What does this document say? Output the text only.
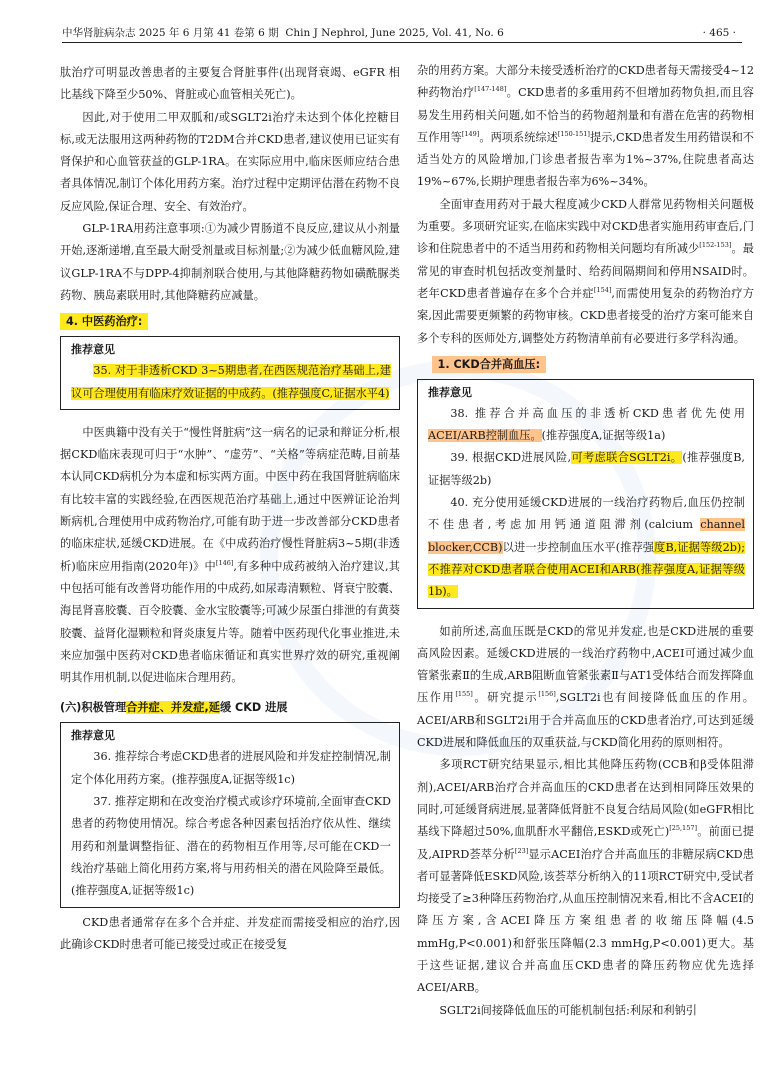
中华肾脏病杂志 2025 年 6 月第 41 卷第 6 期 Chin J Nephrol, June 2025, Vol. 41, No. 6	· 465 ·

肽治疗可明显改善患者的主要复合肾脏事件(出现肾衰竭、eGFR 相比基线下降至少50%、肾脏或心血管相关死亡)。

因此,对于使用二甲双胍和/或SGLT2i治疗未达到个体化控糖目标,或无法服用这两种药物的T2DM合并CKD患者,建议使用已证实有肾保护和心血管获益的GLP-1RA。在实际应用中,临床医师应结合患者具体情况,制订个体化用药方案。治疗过程中定期评估潜在药物不良反应风险,保证合理、安全、有效治疗。

GLP-1RA用药注意事项:①为减少胃肠道不良反应,建议从小剂量开始,逐渐递增,直至最大耐受剂量或目标剂量;②为减少低血糖风险,建议GLP-1RA不与DPP-4抑制剂联合使用,与其他降糖药物如磺酰脲类药物、胰岛素联用时,其他降糖药应减量。

4. 中医药治疗:
推荐意见

35. 对于非透析CKD 3~5期患者,在西医规范治疗基础上,建议可合理使用有临床疗效证据的中成药。(推荐强度C,证据水平4)

中医典籍中没有关于“慢性肾脏病”这一病名的记录和辩证分析,根据CKD临床表现可归于“水肿”、“虚劳”、“关格”等病症范畴,目前基本认同CKD病机分为本虚和标实两方面。中医中药在我国肾脏病临床有比较丰富的实践经验,在西医规范治疗基础上,通过中医辨证论治判断病机,合理使用中成药物治疗,可能有助于进一步改善部分CKD患者的临床症状,延缓CKD进展。在《中成药治疗慢性肾脏病3~5期(非透析)临床应用指南(2020年)》中[146],有多种中成药被纳入治疗建议,其中包括可能有改善肾功能作用的中成药,如尿毒清颗粒、肾衰宁胶囊、海昆肾喜胶囊、百令胶囊、金水宝胶囊等;可减少尿蛋白排泄的有黄葵胶囊、益肾化湿颗粒和肾炎康复片等。随着中医药现代化事业推进,未来应加强中医药对CKD患者临床循证和真实世界疗效的研究,重视阐明其作用机制,以促进临床合理用药。

(六)积极管理合并症、并发症,延缓 CKD 进展
推荐意见

36. 推荐综合考虑CKD患者的进展风险和并发症控制情况,制定个体化用药方案。(推荐强度A,证据等级1c)

37. 推荐定期和在改变治疗模式或诊疗环境前,全面审查CKD患者的药物使用情况。综合考虑各种因素包括治疗依从性、继续用药和剂量调整指征、潜在的药物相互作用等,尽可能在CKD一线治疗基础上简化用药方案,将与用药相关的潜在风险降至最低。(推荐强度A,证据等级1c)

CKD患者通常存在多个合并症、并发症而需接受相应的治疗,因此确诊CKD时患者可能已接受过或正在接受复

杂的用药方案。大部分未接受透析治疗的CKD患者每天需接受4~12种药物治疗[147-148]。CKD患者的多重用药不但增加药物负担,而且容易发生用药相关问题,如不恰当的药物超剂量和有潜在危害的药物相互作用等[149]。两项系统综述[150-151]提示,CKD患者发生用药错误和不适当处方的风险增加,门诊患者报告率为1%~37%,住院患者高达19%~67%,长期护理患者报告率为6%~34%。

全面审查用药对于最大程度减少CKD人群常见药物相关问题极为重要。多项研究证实,在临床实践中对CKD患者实施用药审查后,门诊和住院患者中的不适当用药和药物相关问题均有所减少[152-153]。最常见的审查时机包括改变剂量时、给药间隔期间和停用NSAID时。老年CKD患者普遍存在多个合并症[154],而需使用复杂的药物治疗方案,因此需要更频繁的药物审核。CKD患者接受的治疗方案可能来自多个专科的医师处方,调整处方药物清单前有必要进行多学科沟通。

1. CKD合并高血压:
推荐意见

38. 推荐合并高血压的非透析CKD患者优先使用ACEI/ARB控制血压。(推荐强度A,证据等级1a)

39. 根据CKD进展风险,可考虑联合SGLT2i。(推荐强度B,证据等级2b)

40. 充分使用延缓CKD进展的一线治疗药物后,血压仍控制不佳患者,考虑加用钙通道阻滞剂(calcium channel blocker,CCB)以进一步控制血压水平(推荐强度B,证据等级2b);不推荐对CKD患者联合使用ACEI和ARB(推荐强度A,证据等级1b)。

如前所述,高血压既是CKD的常见并发症,也是CKD进展的重要高风险因素。延缓CKD进展的一线治疗药物中,ACEI可通过减少血管紧张素Ⅱ的生成,ARB阻断血管紧张素Ⅱ与AT1受体结合而发挥降血压作用[155]。研究提示[156],SGLT2i也有间接降低血压的作用。ACEI/ARB和SGLT2i用于合并高血压的CKD患者治疗,可达到延缓CKD进展和降低血压的双重获益,与CKD简化用药的原则相符。

多项RCT研究结果显示,相比其他降压药物(CCB和β受体阻滞剂),ACEI/ARB治疗合并高血压的CKD患者在达到相同降压效果的同时,可延缓肾病进展,显著降低肾脏不良复合结局风险(如eGFR相比基线下降超过50%,血肌酐水平翻倍,ESKD或死亡)[25,157]。前面已提及,AIPRD荟萃分析[23]显示ACEI治疗合并高血压的非糖尿病CKD患者可显著降低ESKD风险,该荟萃分析纳入的11项RCT研究中,受试者均接受了≥3种降压药物治疗,从血压控制情况来看,相比不含ACEI的降压方案,含ACEI降压方案组患者的收缩压降幅(4.5 mmHg,P<0.001)和舒张压降幅(2.3 mmHg,P<0.001)更大。基于这些证据,建议合并高血压CKD患者的降压药物应优先选择ACEI/ARB。

SGLT2i间接降低血压的可能机制包括:利尿和利钠引
